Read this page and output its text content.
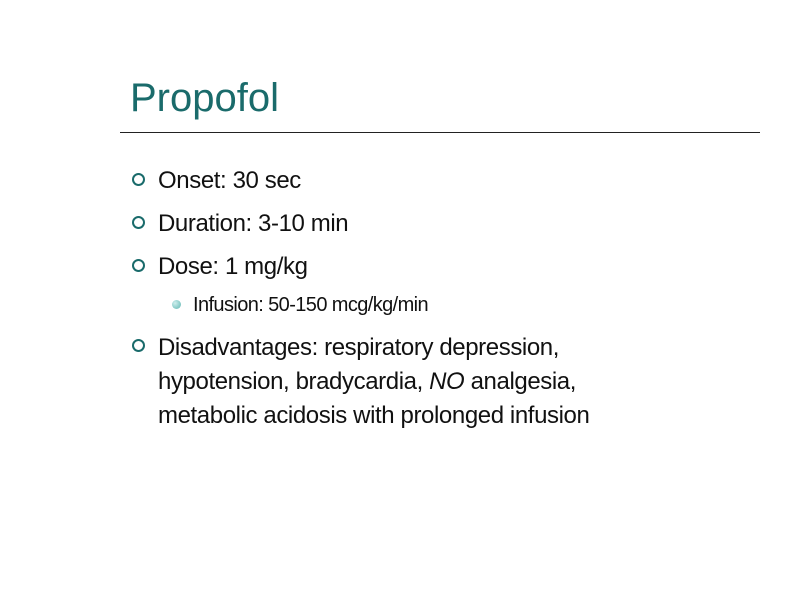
Propofol
Onset: 30 sec
Duration: 3-10 min
Dose: 1 mg/kg
Infusion: 50-150 mcg/kg/min
Disadvantages: respiratory depression,
hypotension, bradycardia, NO analgesia,
metabolic acidosis with prolonged infusion
